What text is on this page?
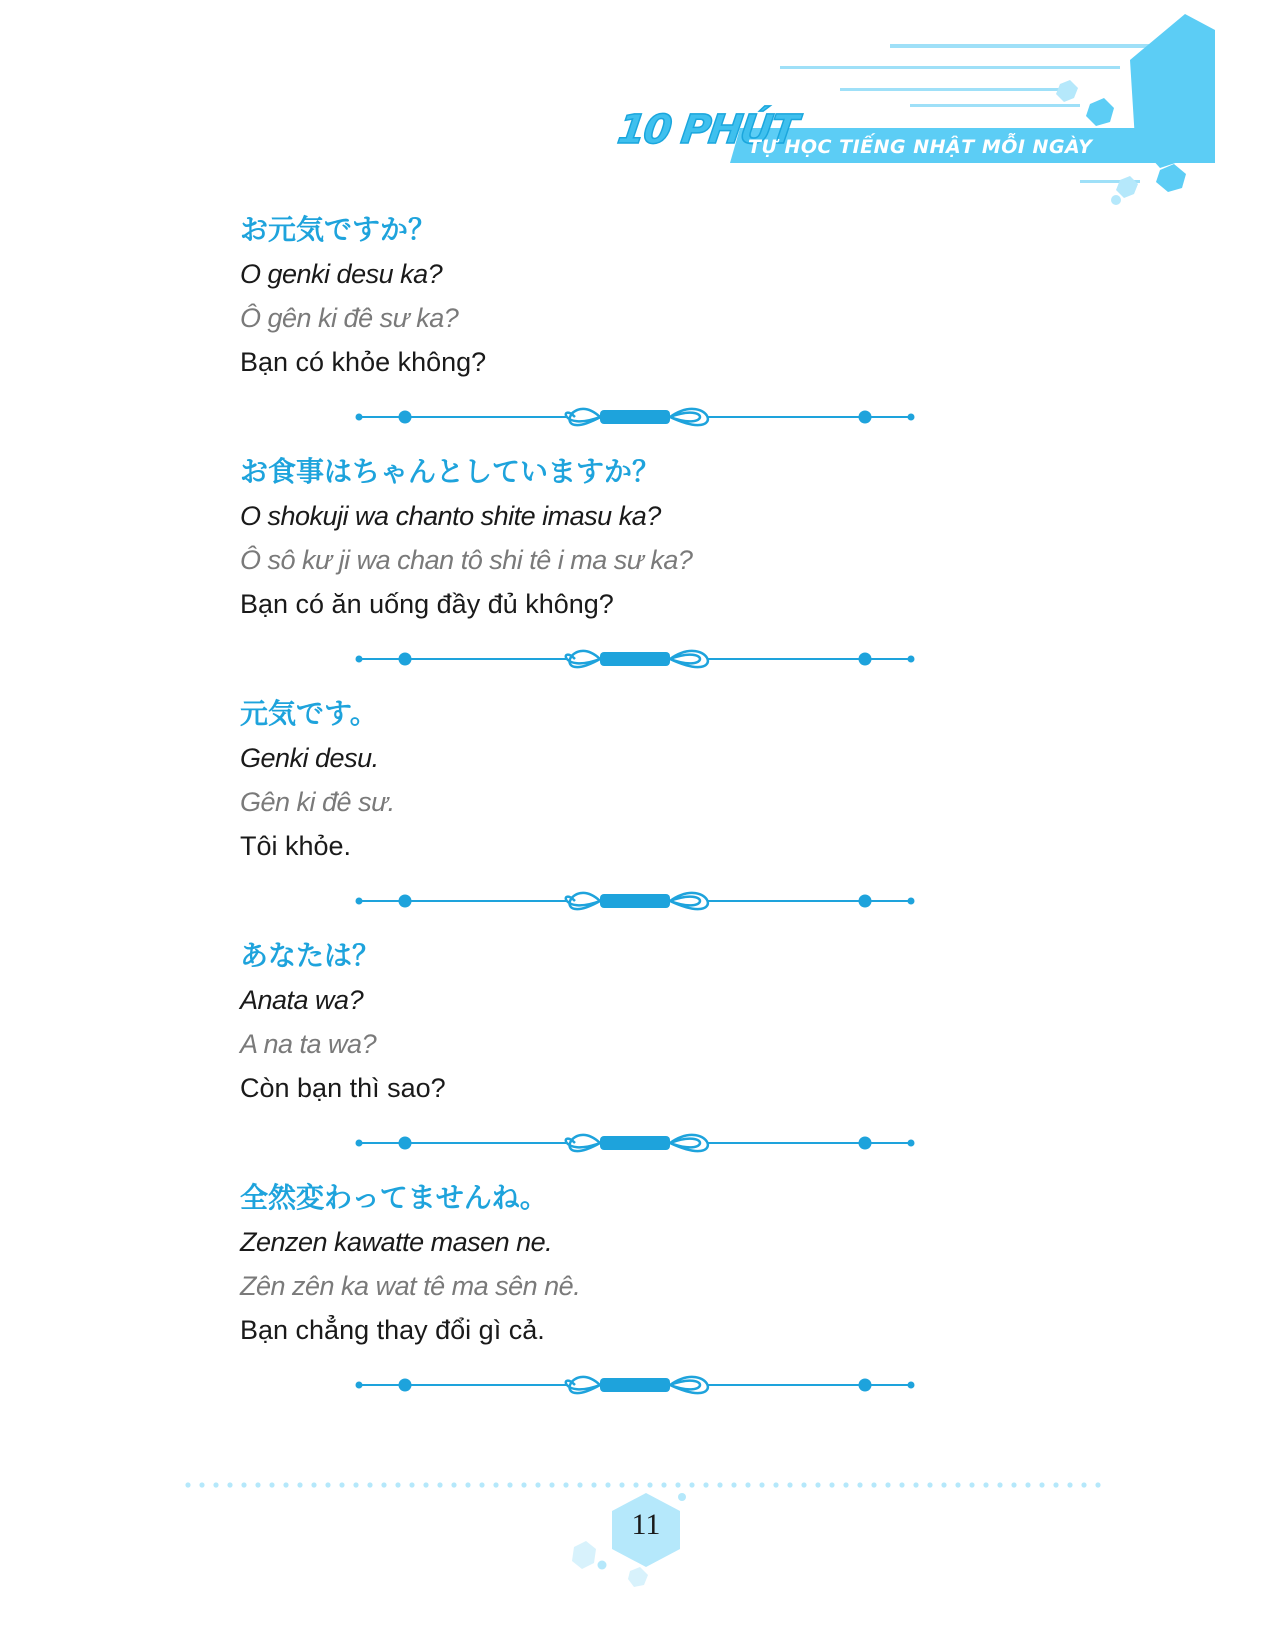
10 PHÚT
TỰ HỌC TIẾNG NHẬT MỖI NGÀY
お元気ですか？
O genki desu ka?
Ô gên ki đê sư ka?
Bạn có khỏe không?
お食事はちゃんとしていますか？
O shokuji wa chanto shite imasu ka?
Ô sô kư ji wa chan tô shi tê i ma sư ka?
Bạn có ăn uống đầy đủ không?
元気です。
Genki desu.
Gên ki đê sư.
Tôi khỏe.
あなたは？
Anata wa?
A na ta wa?
Còn bạn thì sao?
全然変わってませんね。
Zenzen kawatte masen ne.
Zên zên ka wat tê ma sên nê.
Bạn chẳng thay đổi gì cả.
11
